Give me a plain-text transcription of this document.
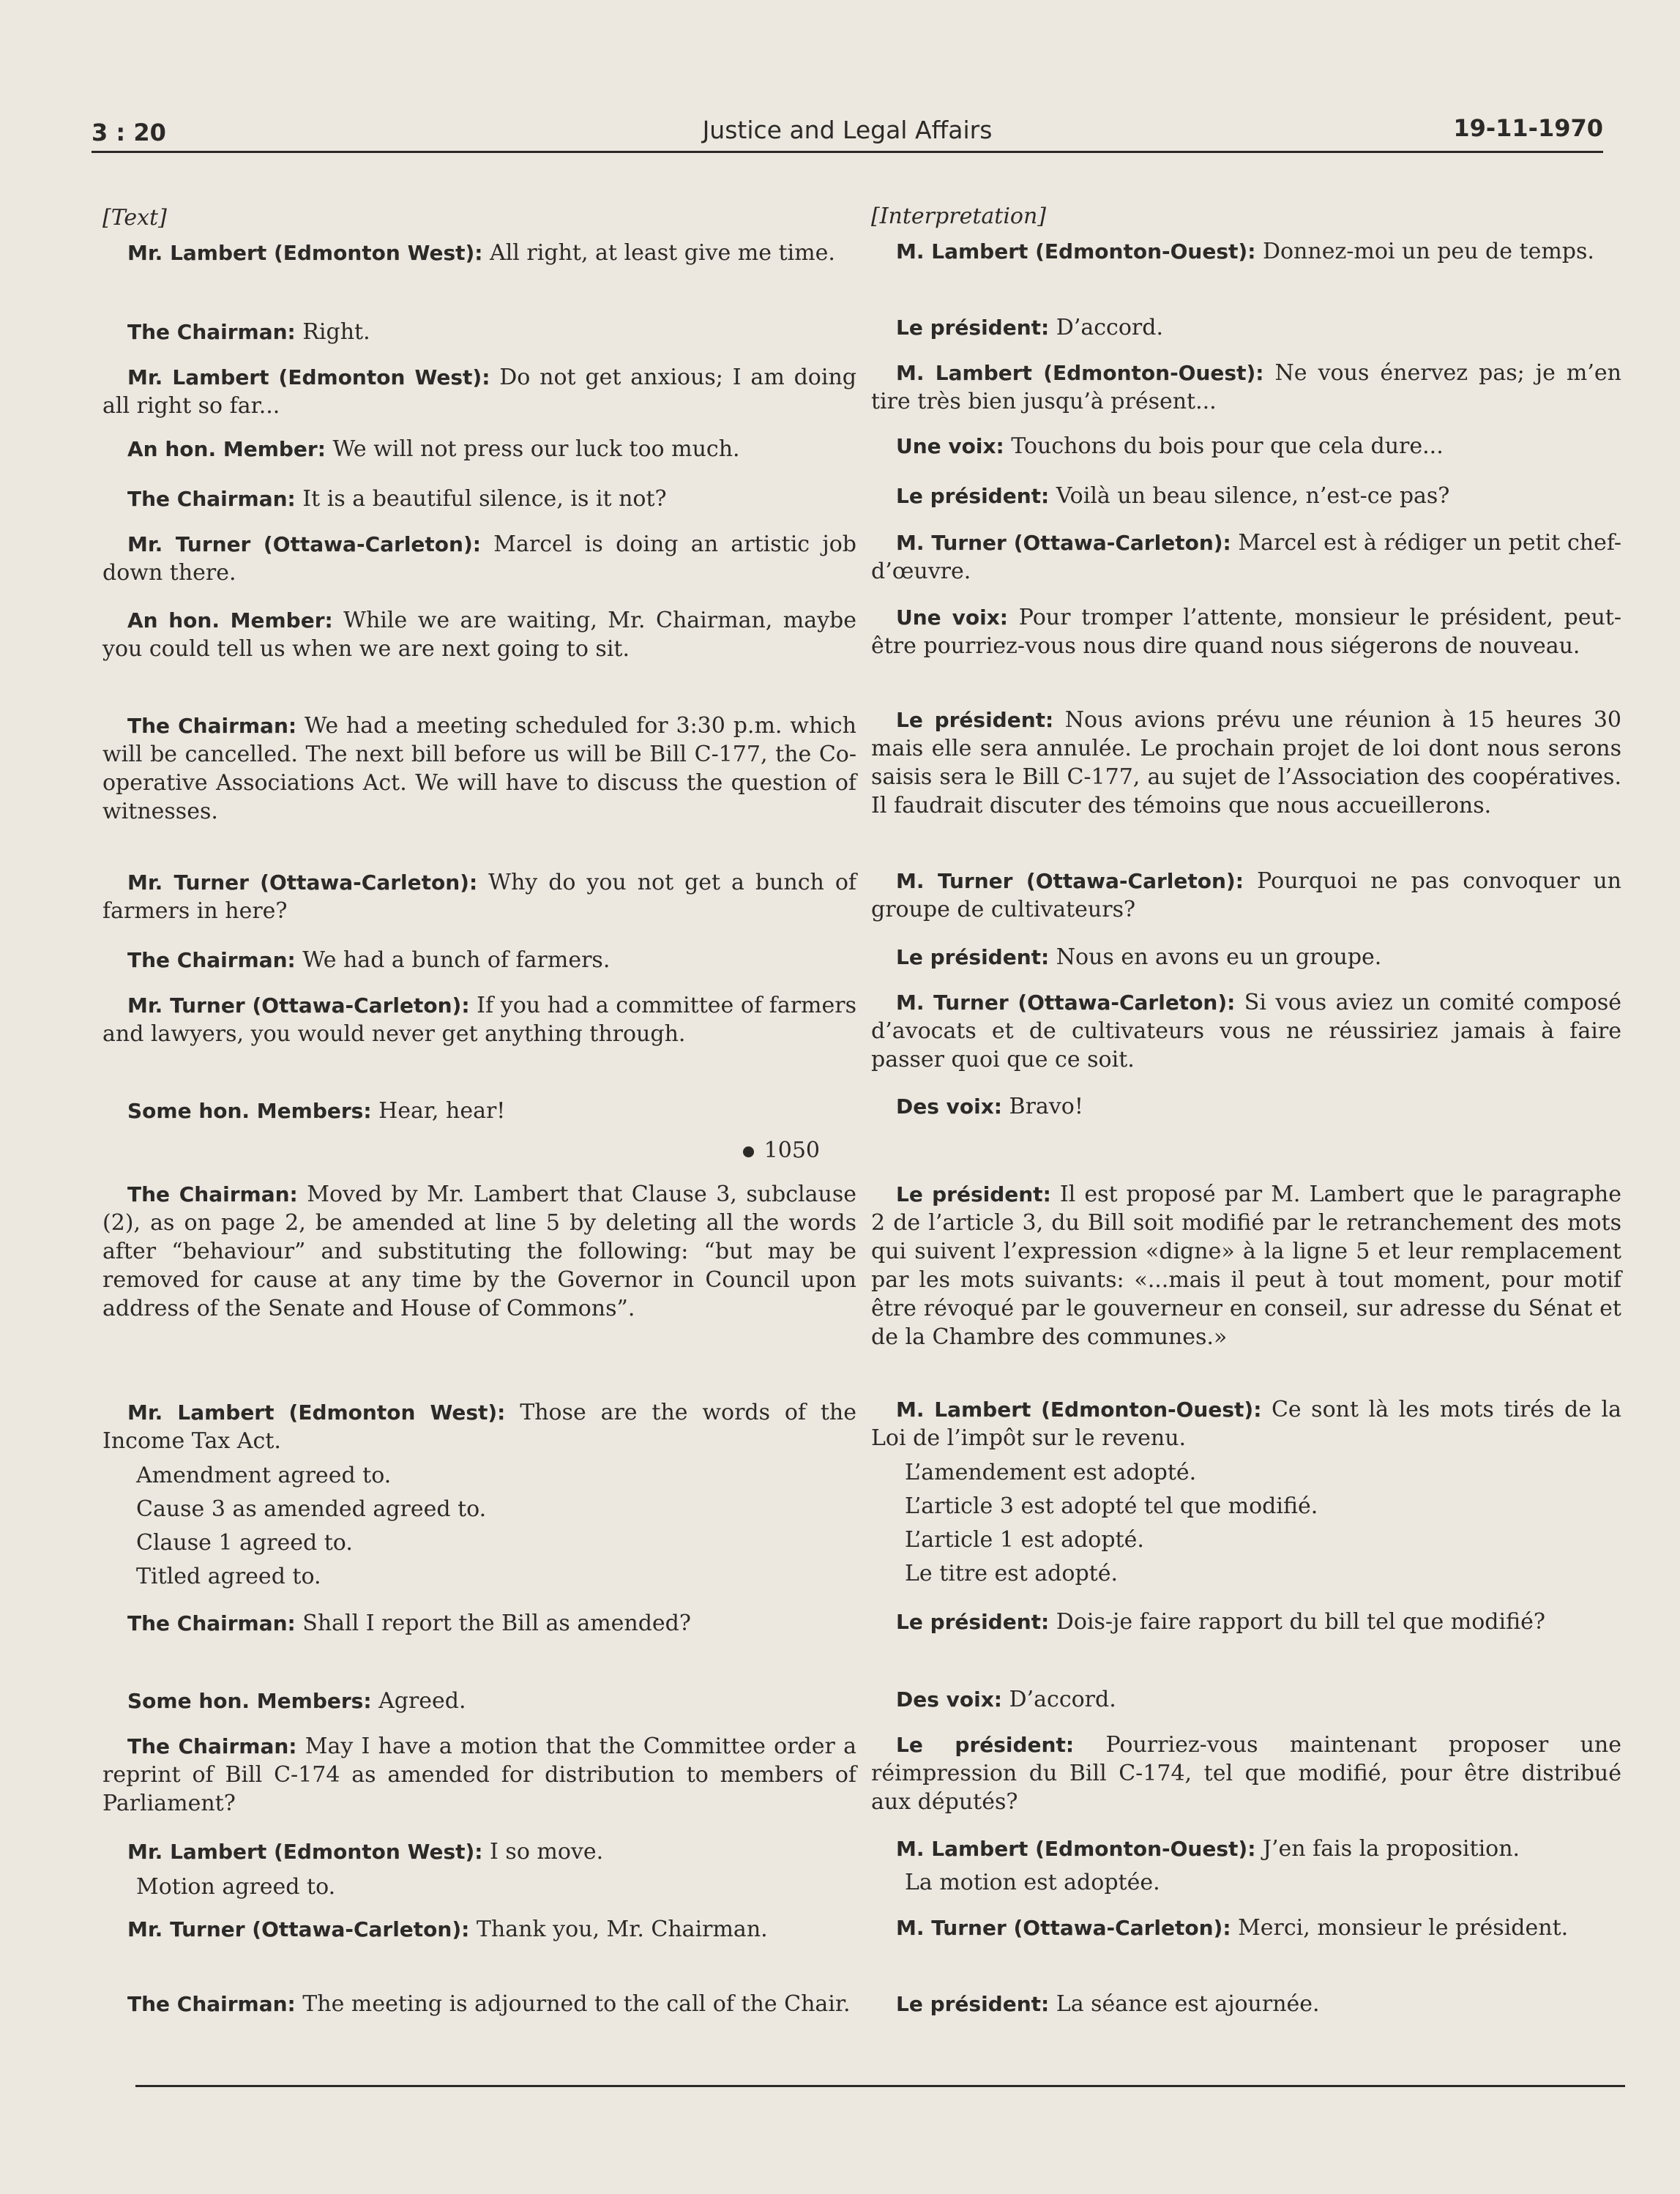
3 : 20	Justice and Legal Affairs	19-11-1970

[Text]

Mr. Lambert (Edmonton West): All right, at least give me time.

The Chairman: Right.

Mr. Lambert (Edmonton West): Do not get anxious; I am doing all right so far...

An hon. Member: We will not press our luck too much.

The Chairman: It is a beautiful silence, is it not?

Mr. Turner (Ottawa-Carleton): Marcel is doing an artistic job down there.

An hon. Member: While we are waiting, Mr. Chairman, maybe you could tell us when we are next going to sit.

The Chairman: We had a meeting scheduled for 3:30 p.m. which will be cancelled. The next bill before us will be Bill C-177, the Co-operative Associations Act. We will have to discuss the question of witnesses.

Mr. Turner (Ottawa-Carleton): Why do you not get a bunch of farmers in here?

The Chairman: We had a bunch of farmers.

Mr. Turner (Ottawa-Carleton): If you had a committee of farmers and lawyers, you would never get anything through.

Some hon. Members: Hear, hear!

1050

The Chairman: Moved by Mr. Lambert that Clause 3, subclause (2), as on page 2, be amended at line 5 by deleting all the words after “behaviour” and substituting the following: “but may be removed for cause at any time by the Governor in Council upon address of the Senate and House of Commons”.

Mr. Lambert (Edmonton West): Those are the words of the Income Tax Act.

Amendment agreed to.

Cause 3 as amended agreed to.

Clause 1 agreed to.

Titled agreed to.

The Chairman: Shall I report the Bill as amended?

Some hon. Members: Agreed.

The Chairman: May I have a motion that the Committee order a reprint of Bill C-174 as amended for distribution to members of Parliament?

Mr. Lambert (Edmonton West): I so move.

Motion agreed to.

Mr. Turner (Ottawa-Carleton): Thank you, Mr. Chairman.

The Chairman: The meeting is adjourned to the call of the Chair.

[Interpretation]

M. Lambert (Edmonton-Ouest): Donnez-moi un peu de temps.

Le président: D’accord.

M. Lambert (Edmonton-Ouest): Ne vous énervez pas; je m’en tire très bien jusqu’à présent...

Une voix: Touchons du bois pour que cela dure...

Le président: Voilà un beau silence, n’est-ce pas?

M. Turner (Ottawa-Carleton): Marcel est à rédiger un petit chef-d’œuvre.

Une voix: Pour tromper l’attente, monsieur le président, peut-être pourriez-vous nous dire quand nous siégerons de nouveau.

Le président: Nous avions prévu une réunion à 15 heures 30 mais elle sera annulée. Le prochain projet de loi dont nous serons saisis sera le Bill C-177, au sujet de l’Association des coopératives. Il faudrait discuter des témoins que nous accueillerons.

M. Turner (Ottawa-Carleton): Pourquoi ne pas convoquer un groupe de cultivateurs?

Le président: Nous en avons eu un groupe.

M. Turner (Ottawa-Carleton): Si vous aviez un comité composé d’avocats et de cultivateurs vous ne réussiriez jamais à faire passer quoi que ce soit.

Des voix: Bravo!

Le président: Il est proposé par M. Lambert que le paragraphe 2 de l’article 3, du Bill soit modifié par le retranchement des mots qui suivent l’expression «digne» à la ligne 5 et leur remplacement par les mots suivants: «...mais il peut à tout moment, pour motif être révoqué par le gouverneur en conseil, sur adresse du Sénat et de la Chambre des communes.»

M. Lambert (Edmonton-Ouest): Ce sont là les mots tirés de la Loi de l’impôt sur le revenu.

L’amendement est adopté.

L’article 3 est adopté tel que modifié.

L’article 1 est adopté.

Le titre est adopté.

Le président: Dois-je faire rapport du bill tel que modifié?

Des voix: D’accord.

Le président: Pourriez-vous maintenant proposer une réimpression du Bill C-174, tel que modifié, pour être distribué aux députés?

M. Lambert (Edmonton-Ouest): J’en fais la proposition.

La motion est adoptée.

M. Turner (Ottawa-Carleton): Merci, monsieur le président.

Le président: La séance est ajournée.
